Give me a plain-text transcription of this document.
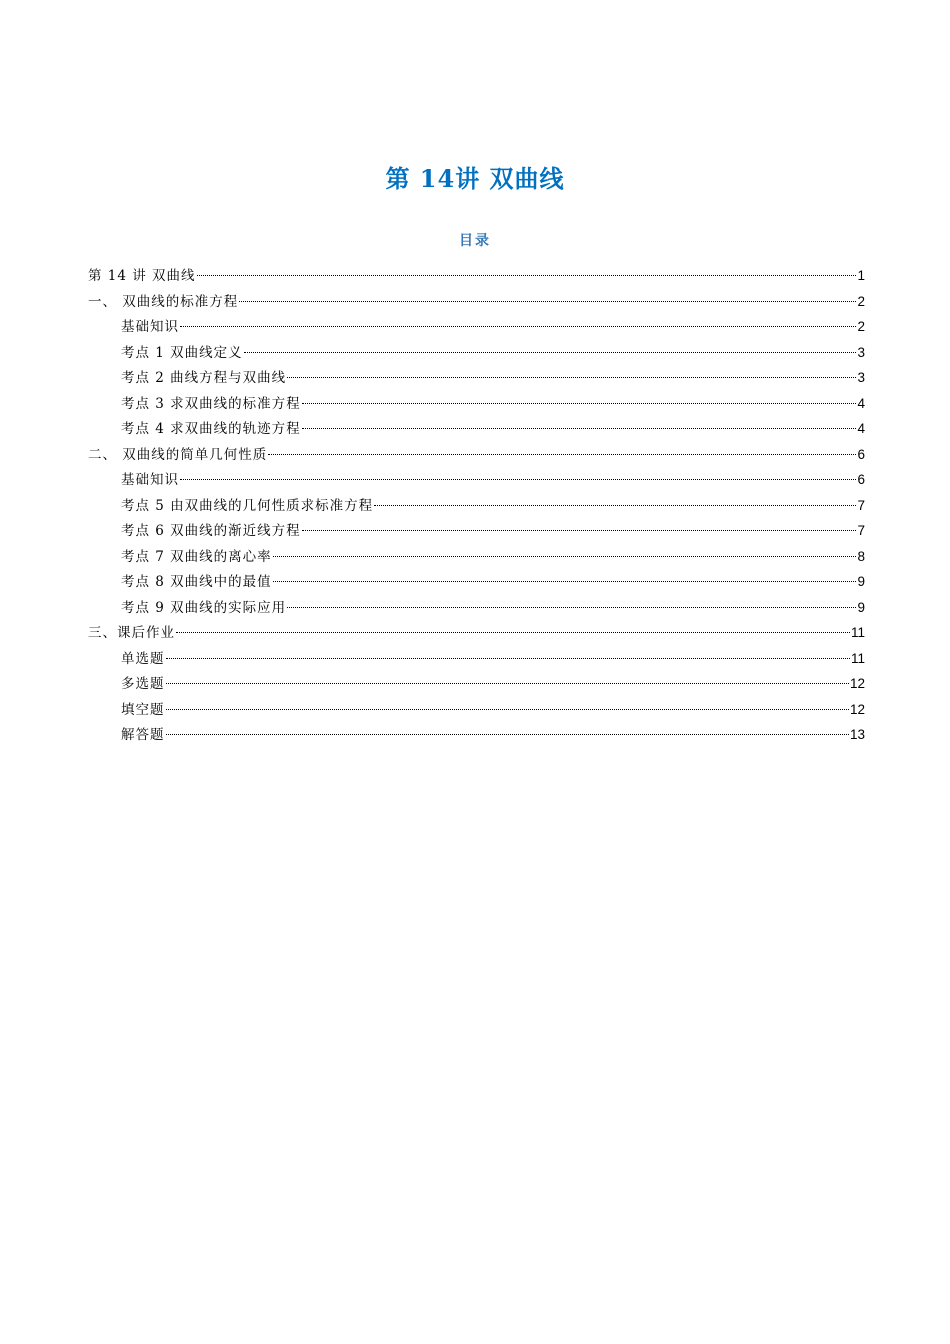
第 14讲 双曲线
目录
第 14 讲 双曲线	1
一、 双曲线的标准方程	2
基础知识	2
考点 1 双曲线定义	3
考点 2 曲线方程与双曲线	3
考点 3 求双曲线的标准方程	4
考点 4 求双曲线的轨迹方程	4
二、 双曲线的简单几何性质	6
基础知识	6
考点 5 由双曲线的几何性质求标准方程	7
考点 6 双曲线的渐近线方程	7
考点 7 双曲线的离心率	8
考点 8 双曲线中的最值	9
考点 9 双曲线的实际应用	9
三、课后作业	11
单选题	11
多选题	12
填空题	12
解答题	13
